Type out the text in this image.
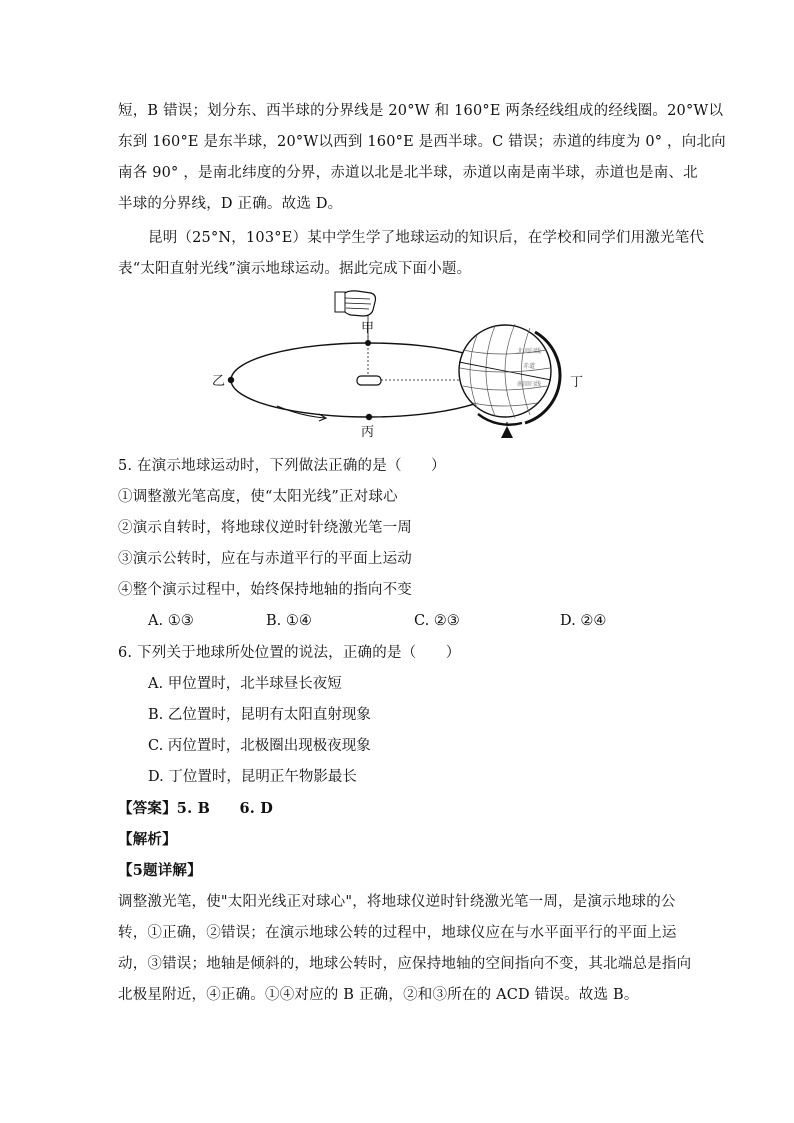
短，B 错误；划分东、西半球的分界线是 20°W 和 160°E 两条经线组成的经线圈。20°W以
东到 160°E 是东半球，20°W以西到 160°E 是西半球。C 错误；赤道的纬度为 0° ，向北向
南各 90° ，是南北纬度的分界，赤道以北是北半球，赤道以南是南半球，赤道也是南、北
半球的分界线，D 正确。故选 D。
昆明（25°N，103°E）某中学生学了地球运动的知识后，在学校和同学们用激光笔代
表“太阳直射光线”演示地球运动。据此完成下面小题。
甲
乙
丙
北回归线
赤道
南回归线 丁
5. 在演示地球运动时，下列做法正确的是（　　）
①调整激光笔高度，使“太阳光线”正对球心
②演示自转时，将地球仪逆时针绕激光笔一周
③演示公转时，应在与赤道平行的平面上运动
④整个演示过程中，始终保持地轴的指向不变
A. ①③	B. ①④	C. ②③	D. ②④
6. 下列关于地球所处位置的说法，正确的是（　　）
A. 甲位置时，北半球昼长夜短
B. 乙位置时，昆明有太阳直射现象
C. 丙位置时，北极圈出现极夜现象
D. 丁位置时，昆明正午物影最长
【答案】5. B　　6. D
【解析】
【5题详解】
调整激光笔，使"太阳光线正对球心"，将地球仪逆时针绕激光笔一周，是演示地球的公
转，①正确，②错误；在演示地球公转的过程中，地球仪应在与水平面平行的平面上运
动，③错误；地轴是倾斜的，地球公转时，应保持地轴的空间指向不变，其北端总是指向
北极星附近，④正确。①④对应的 B 正确，②和③所在的 ACD 错误。故选 B。
